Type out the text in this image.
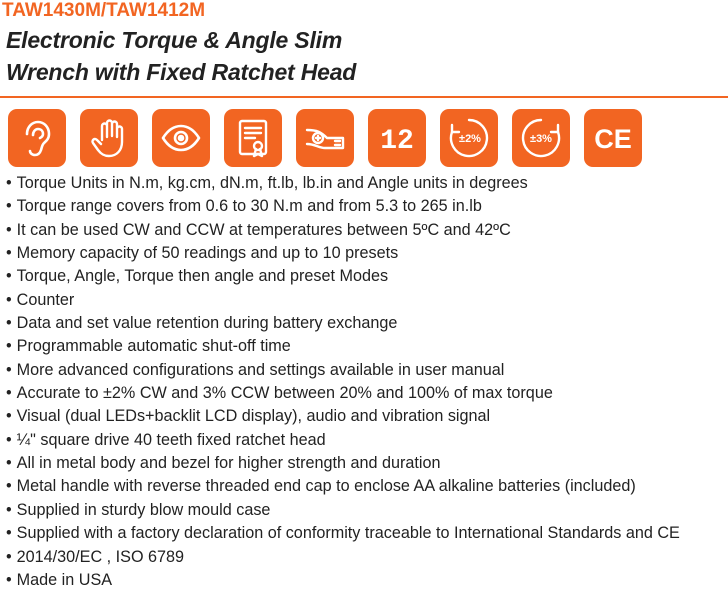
TAW1430M/TAW1412M
Electronic Torque & Angle Slim
Wrench with Fixed Ratchet Head
12	±2%	±3% CE
• Torque Units in N.m, kg.cm, dN.m, ft.lb, lb.in and Angle units in degrees
• Torque range covers from 0.6 to 30 N.m and from 5.3 to 265 in.lb
• It can be used CW and CCW at temperatures between 5ºC and 42ºC
• Memory capacity of 50 readings and up to 10 presets
• Torque, Angle, Torque then angle and preset Modes
• Counter
• Data and set value retention during battery exchange
• Programmable automatic shut-off time
• More advanced configurations and settings available in user manual
• Accurate to ±2% CW and 3% CCW between 20% and 100% of max torque
• Visual (dual LEDs+backlit LCD display), audio and vibration signal
• ¼" square drive 40 teeth fixed ratchet head
• All in metal body and bezel for higher strength and duration
• Metal handle with reverse threaded end cap to enclose AA alkaline batteries (included)
• Supplied in sturdy blow mould case
• Supplied with a factory declaration of conformity traceable to International Standards and CE
• 2014/30/EC , ISO 6789
• Made in USA
